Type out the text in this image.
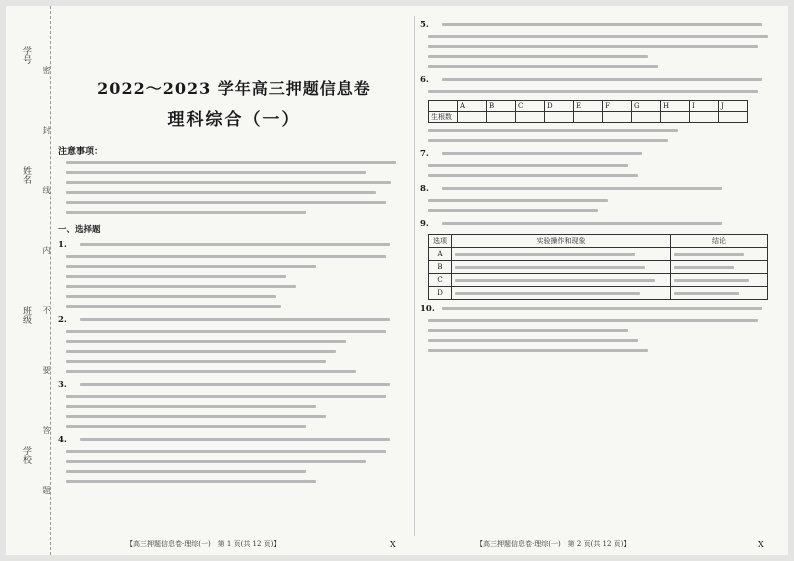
学号
姓名
班级
学校
密
封
线
内
不
要
答
题
2022～2023 学年高三押题信息卷
理科综合（一）
注意事项：
一、选择题
1.
2.
3.
4.
5.
6.
	A	B	C	D	E	F	G	H	I	J
生根数										
7.
8.
9.
选项	实验操作和现象	结论
A		
B		
C		
D		
10.
【高三押题信息卷·理综(一)　第 1 页(共 12 页)】	X	【高三押题信息卷·理综(一)　第 2 页(共 12 页)】	X
